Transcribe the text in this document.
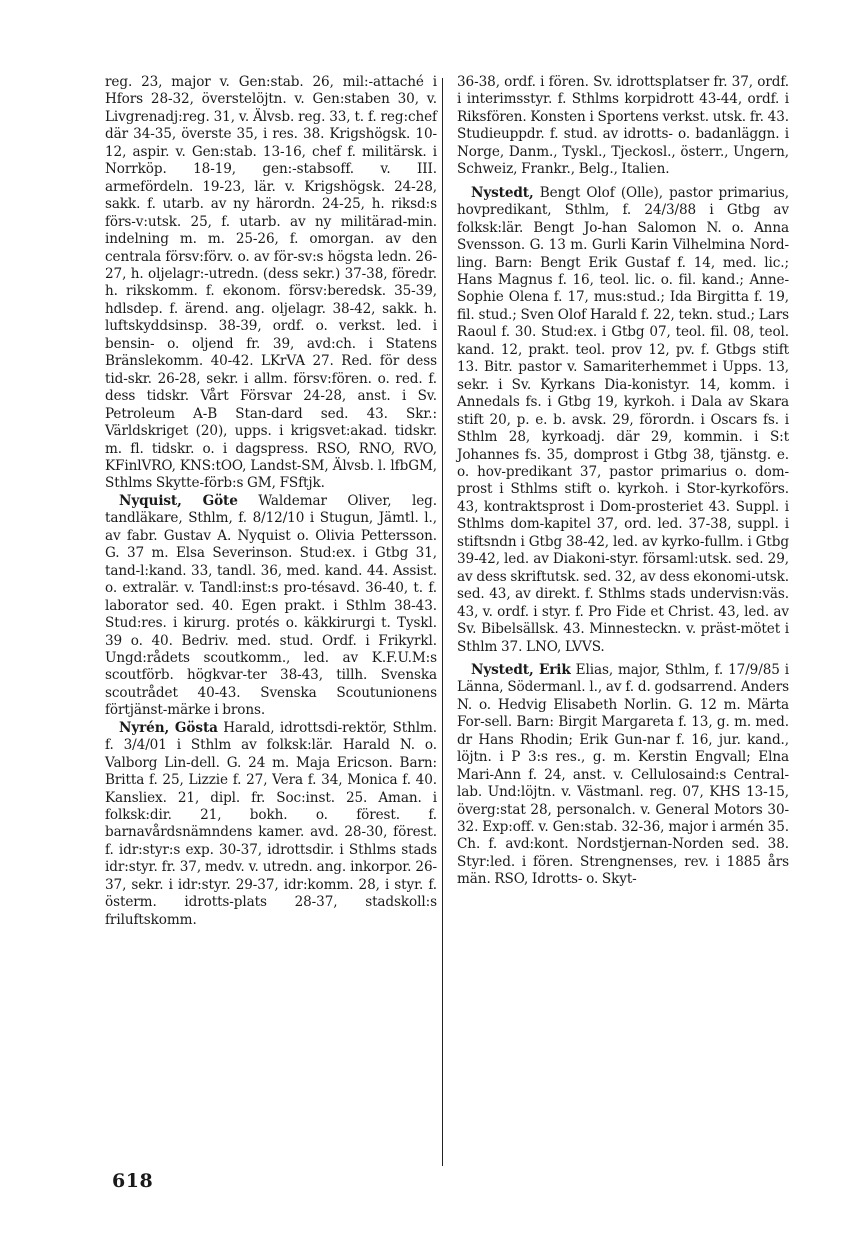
reg. 23, major v. Gen:stab. 26, mil:-attaché i Hfors 28-32, överstelöjtn. v. Gen:staben 30, v. Livgrenadj:reg. 31, v. Älvsb. reg. 33, t. f. reg:chef där 34-35, överste 35, i res. 38. Krigshögsk. 10-12, aspir. v. Gen:stab. 13-16, chef f. militärsk. i Norrköp. 18-19, gen:-stabsoff. v. III. armefördeln. 19-23, lär. v. Krigshögsk. 24-28, sakk. f. utarb. av ny härordn. 24-25, h. riksd:s förs-v:utsk. 25, f. utarb. av ny militärad-min. indelning m. m. 25-26, f. omorgan. av den centrala försv:förv. o. av för-sv:s högsta ledn. 26-27, h. oljelagr:-utredn. (dess sekr.) 37-38, föredr. h. rikskomm. f. ekonom. försv:beredsk. 35-39, hdlsdep. f. ärend. ang. oljelagr. 38-42, sakk. h. luftskyddsinsp. 38-39, ordf. o. verkst. led. i bensin- o. oljend fr. 39, avd:ch. i Statens Bränslekomm. 40-42. LKrVA 27. Red. för dess tid-skr. 26-28, sekr. i allm. försv:fören. o. red. f. dess tidskr. Vårt Försvar 24-28, anst. i Sv. Petroleum A-B Stan-dard sed. 43. Skr.: Världskriget (20), upps. i krigsvet:akad. tidskr. m. fl. tidskr. o. i dagspress. RSO, RNO, RVO, KFinlVRO, KNS:tOO, Landst-SM, Älvsb. l. lfbGM, Sthlms Skytte-förb:s GM, FSftjk.

Nyquist, Göte Waldemar Oliver, leg. tandläkare, Sthlm, f. 8/12/10 i Stugun, Jämtl. l., av fabr. Gustav A. Nyquist o. Olivia Pettersson. G. 37 m. Elsa Severinson. Stud:ex. i Gtbg 31, tand-l:kand. 33, tandl. 36, med. kand. 44. Assist. o. extralär. v. Tandl:inst:s pro-tésavd. 36-40, t. f. laborator sed. 40. Egen prakt. i Sthlm 38-43. Stud:res. i kirurg. protés o. käkkirurgi t. Tyskl. 39 o. 40. Bedriv. med. stud. Ordf. i Frikyrkl. Ungd:rådets scoutkomm., led. av K.F.U.M:s scoutförb. högkvar-ter 38-43, tillh. Svenska scoutrådet 40-43. Svenska Scoutunionens förtjänst-märke i brons.

Nyrén, Gösta Harald, idrottsdi-rektör, Sthlm. f. 3/4/01 i Sthlm av folksk:lär. Harald N. o. Valborg Lin-dell. G. 24 m. Maja Ericson. Barn: Britta f. 25, Lizzie f. 27, Vera f. 34, Monica f. 40. Kansliex. 21, dipl. fr. Soc:inst. 25. Aman. i folksk:dir. 21, bokh. o. förest. f. barnavårdsnämndens kamer. avd. 28-30, förest. f. idr:styr:s exp. 30-37, idrottsdir. i Sthlms stads idr:styr. fr. 37, medv. v. utredn. ang. inkorpor. 26-37, sekr. i idr:styr. 29-37, idr:komm. 28, i styr. f. österm. idrotts-plats 28-37, stadskoll:s friluftskomm.

36-38, ordf. i fören. Sv. idrottsplatser fr. 37, ordf. i interimsstyr. f. Sthlms korpidrott 43-44, ordf. i Riksfören. Konsten i Sportens verkst. utsk. fr. 43. Studieuppdr. f. stud. av idrotts- o. badanläggn. i Norge, Danm., Tyskl., Tjeckosl., österr., Ungern, Schweiz, Frankr., Belg., Italien.

Nystedt, Bengt Olof (Olle), pastor primarius, hovpredikant, Sthlm, f. 24/3/88 i Gtbg av folksk:lär. Bengt Jo-han Salomon N. o. Anna Svensson. G. 13 m. Gurli Karin Vilhelmina Nord-ling. Barn: Bengt Erik Gustaf f. 14, med. lic.; Hans Magnus f. 16, teol. lic. o. fil. kand.; Anne-Sophie Olena f. 17, mus:stud.; Ida Birgitta f. 19, fil. stud.; Sven Olof Harald f. 22, tekn. stud.; Lars Raoul f. 30. Stud:ex. i Gtbg 07, teol. fil. 08, teol. kand. 12, prakt. teol. prov 12, pv. f. Gtbgs stift 13. Bitr. pastor v. Samariterhemmet i Upps. 13, sekr. i Sv. Kyrkans Dia-konistyr. 14, komm. i Annedals fs. i Gtbg 19, kyrkoh. i Dala av Skara stift 20, p. e. b. avsk. 29, förordn. i Oscars fs. i Sthlm 28, kyrkoadj. där 29, kommin. i S:t Johannes fs. 35, domprost i Gtbg 38, tjänstg. e. o. hov-predikant 37, pastor primarius o. dom-prost i Sthlms stift o. kyrkoh. i Stor-kyrkoförs. 43, kontraktsprost i Dom-prosteriet 43. Suppl. i Sthlms dom-kapitel 37, ord. led. 37-38, suppl. i stiftsndn i Gtbg 38-42, led. av kyrko-fullm. i Gtbg 39-42, led. av Diakoni-styr. församl:utsk. sed. 29, av dess skriftutsk. sed. 32, av dess ekonomi-utsk. sed. 43, av direkt. f. Sthlms stads undervisn:väs. 43, v. ordf. i styr. f. Pro Fide et Christ. 43, led. av Sv. Bibelsällsk. 43. Minnesteckn. v. präst-mötet i Sthlm 37. LNO, LVVS.

Nystedt, Erik Elias, major, Sthlm, f. 17/9/85 i Länna, Södermanl. l., av f. d. godsarrend. Anders N. o. Hedvig Elisabeth Norlin. G. 12 m. Märta For-sell. Barn: Birgit Margareta f. 13, g. m. med. dr Hans Rhodin; Erik Gun-nar f. 16, jur. kand., löjtn. i P 3:s res., g. m. Kerstin Engvall; Elna Mari-Ann f. 24, anst. v. Cellulosaind:s Central-lab. Und:löjtn. v. Västmanl. reg. 07, KHS 13-15, överg:stat 28, personalch. v. General Motors 30-32. Exp:off. v. Gen:stab. 32-36, major i armén 35. Ch. f. avd:kont. Nordstjernan-Norden sed. 38. Styr:led. i fören. Strengnenses, rev. i 1885 års män. RSO, Idrotts- o. Skyt-

618
